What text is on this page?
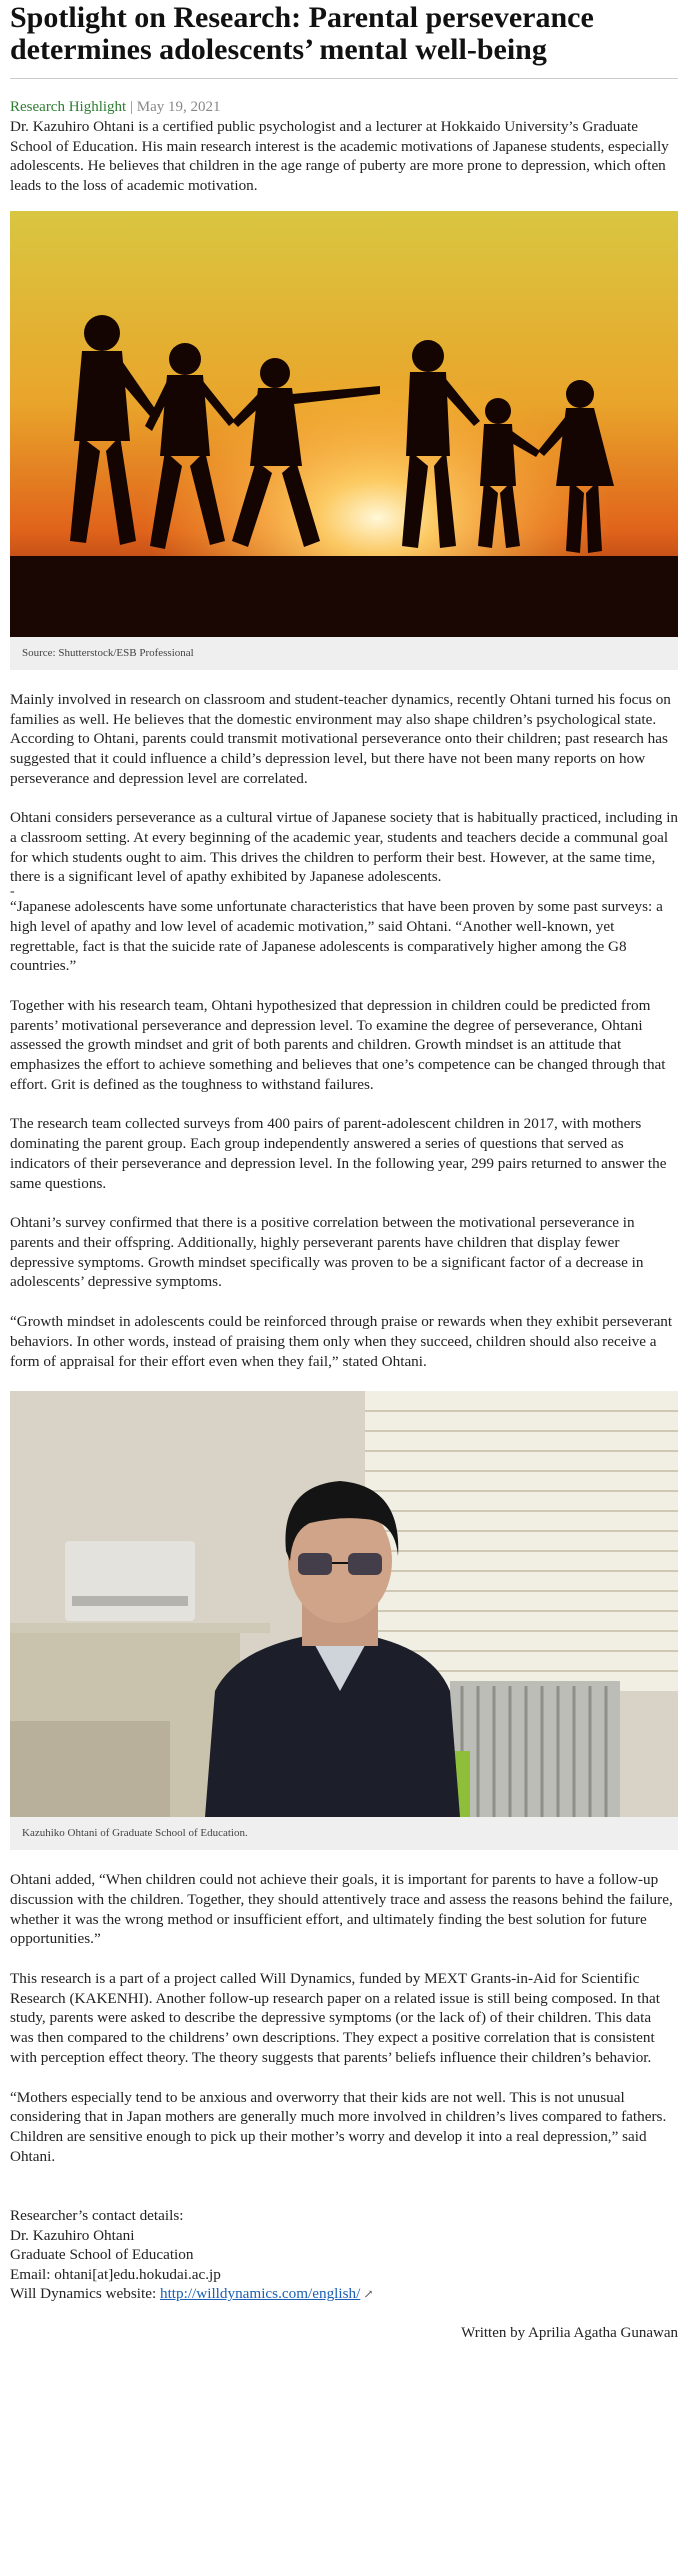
Spotlight on Research: Parental perseverance determines adolescents’ mental well-being
Research Highlight | May 19, 2021

Dr. Kazuhiro Ohtani is a certified public psychologist and a lecturer at Hokkaido University’s Graduate School of Education. His main research interest is the academic motivations of Japanese students, especially adolescents. He believes that children in the age range of puberty are more prone to depression, which often leads to the loss of academic motivation.

Source: Shutterstock/ESB Professional

Mainly involved in research on classroom and student-teacher dynamics, recently Ohtani turned his focus on families as well. He believes that the domestic environment may also shape children’s psychological state. According to Ohtani, parents could transmit motivational perseverance onto their children; past research has suggested that it could influence a child’s depression level, but there have not been many reports on how perseverance and depression level are correlated.

Ohtani considers perseverance as a cultural virtue of Japanese society that is habitually practiced, including in a classroom setting. At every beginning of the academic year, students and teachers decide a communal goal for which students ought to aim. This drives the children to perform their best. However, at the same time, there is a significant level of apathy exhibited by Japanese adolescents.

-

“Japanese adolescents have some unfortunate characteristics that have been proven by some past surveys: a high level of apathy and low level of academic motivation,” said Ohtani. “Another well-known, yet regrettable, fact is that the suicide rate of Japanese adolescents is comparatively higher among the G8 countries.”

Together with his research team, Ohtani hypothesized that depression in children could be predicted from parents’ motivational perseverance and depression level. To examine the degree of perseverance, Ohtani assessed the growth mindset and grit of both parents and children. Growth mindset is an attitude that emphasizes the effort to achieve something and believes that one’s competence can be changed through that effort. Grit is defined as the toughness to withstand failures.

The research team collected surveys from 400 pairs of parent-adolescent children in 2017, with mothers dominating the parent group. Each group independently answered a series of questions that served as indicators of their perseverance and depression level. In the following year, 299 pairs returned to answer the same questions.

Ohtani’s survey confirmed that there is a positive correlation between the motivational perseverance in parents and their offspring. Additionally, highly perseverant parents have children that display fewer depressive symptoms. Growth mindset specifically was proven to be a significant factor of a decrease in adolescents’ depressive symptoms.

“Growth mindset in adolescents could be reinforced through praise or rewards when they exhibit perseverant behaviors. In other words, instead of praising them only when they succeed, children should also receive a form of appraisal for their effort even when they fail,” stated Ohtani.

Kazuhiko Ohtani of Graduate School of Education.

Ohtani added, “When children could not achieve their goals, it is important for parents to have a follow-up discussion with the children. Together, they should attentively trace and assess the reasons behind the failure, whether it was the wrong method or insufficient effort, and ultimately finding the best solution for future opportunities.”

This research is a part of a project called Will Dynamics, funded by MEXT Grants-in-Aid for Scientific Research (KAKENHI). Another follow-up research paper on a related issue is still being composed. In that study, parents were asked to describe the depressive symptoms (or the lack of) of their children. This data was then compared to the childrens’ own descriptions. They expect a positive correlation that is consistent with perception effect theory. The theory suggests that parents’ beliefs influence their children’s behavior.

“Mothers especially tend to be anxious and overworry that their kids are not well. This is not unusual considering that in Japan mothers are generally much more involved in children’s lives compared to fathers. Children are sensitive enough to pick up their mother’s worry and develop it into a real depression,” said Ohtani.

Researcher’s contact details:

Dr. Kazuhiro Ohtani

Graduate School of Education

Email: ohtani[at]edu.hokudai.ac.jp

Will Dynamics website: http://willdynamics.com/english/ ↗

Written by Aprilia Agatha Gunawan
